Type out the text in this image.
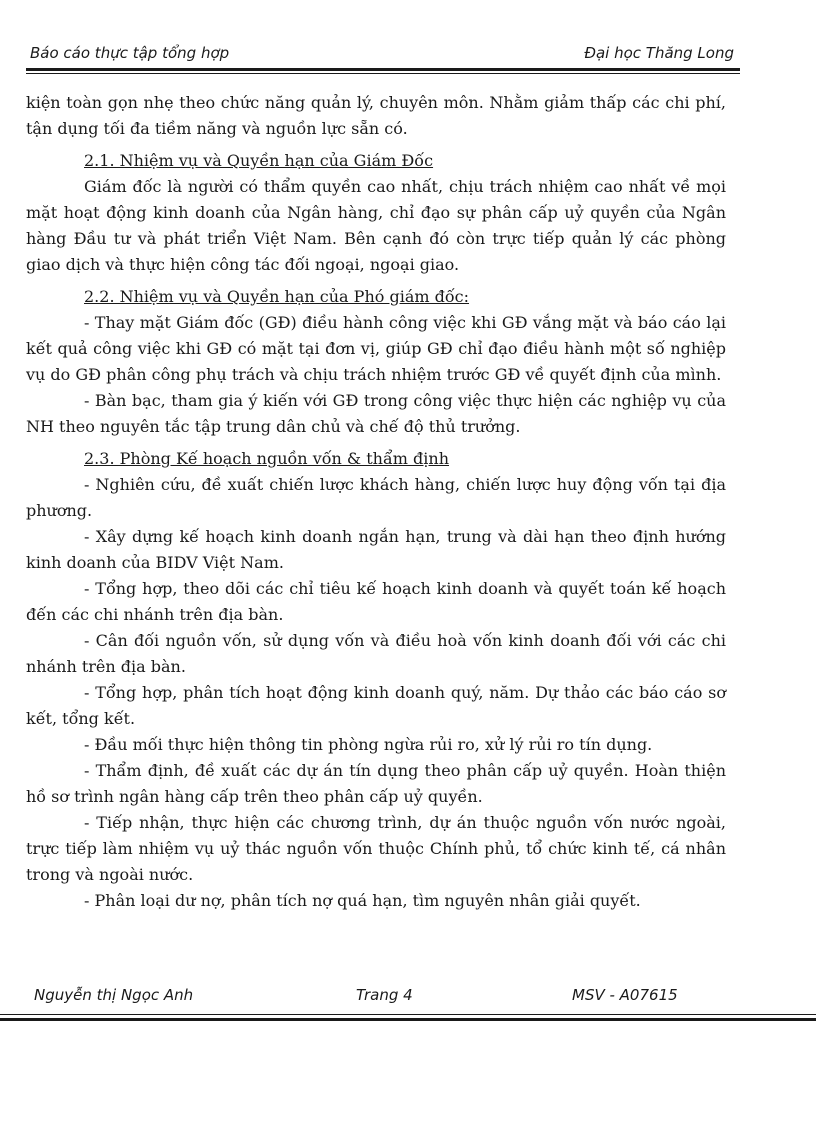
Báo cáo thực tập tổng hợp	Đại học Thăng Long

kiện toàn gọn nhẹ theo chức năng quản lý, chuyên môn. Nhằm giảm thấp các chi phí, tận dụng tối đa tiềm năng và nguồn lực sẵn có.

2.1. Nhiệm vụ và Quyền hạn của Giám Đốc

Giám đốc là người có thẩm quyền cao nhất, chịu trách nhiệm cao nhất về mọi mặt hoạt động kinh doanh của Ngân hàng, chỉ đạo sự phân cấp uỷ quyền của Ngân hàng Đầu tư và phát triển Việt Nam. Bên cạnh đó còn trực tiếp quản lý các phòng giao dịch và thực hiện công tác đối ngoại, ngoại giao.

2.2. Nhiệm vụ và Quyền hạn của Phó giám đốc:

- Thay mặt Giám đốc (GĐ) điều hành công việc khi GĐ vắng mặt và báo cáo lại kết quả công việc khi GĐ có mặt tại đơn vị, giúp GĐ chỉ đạo điều hành một số nghiệp vụ do GĐ phân công phụ trách và chịu trách nhiệm trước GĐ về quyết định của mình.

- Bàn bạc, tham gia ý kiến với GĐ trong công việc thực hiện các nghiệp vụ của NH theo nguyên tắc tập trung dân chủ và chế độ thủ trưởng.

2.3. Phòng Kế hoạch nguồn vốn & thẩm định

- Nghiên cứu, đề xuất chiến lược khách hàng, chiến lược huy động vốn tại địa phương.

- Xây dựng kế hoạch kinh doanh ngắn hạn, trung và dài hạn theo định hướng kinh doanh của BIDV Việt Nam.

- Tổng hợp, theo dõi các chỉ tiêu kế hoạch kinh doanh và quyết toán kế hoạch đến các chi nhánh trên địa bàn.

- Cân đối nguồn vốn, sử dụng vốn và điều hoà vốn kinh doanh đối với các chi nhánh trên địa bàn.

- Tổng hợp, phân tích hoạt động kinh doanh quý, năm. Dự thảo các báo cáo sơ kết, tổng kết.

- Đầu mối thực hiện thông tin phòng ngừa rủi ro, xử lý rủi ro tín dụng.

- Thẩm định, đề xuất các dự án tín dụng theo phân cấp uỷ quyền. Hoàn thiện hồ sơ trình ngân hàng cấp trên theo phân cấp uỷ quyền.

- Tiếp nhận, thực hiện các chương trình, dự án thuộc nguồn vốn nước ngoài, trực tiếp làm nhiệm vụ uỷ thác nguồn vốn thuộc Chính phủ, tổ chức kinh tế, cá nhân trong và ngoài nước.

- Phân loại dư nợ, phân tích nợ quá hạn, tìm nguyên nhân giải quyết.

Nguyễn thị Ngọc Anh	Trang 4	MSV - A07615
